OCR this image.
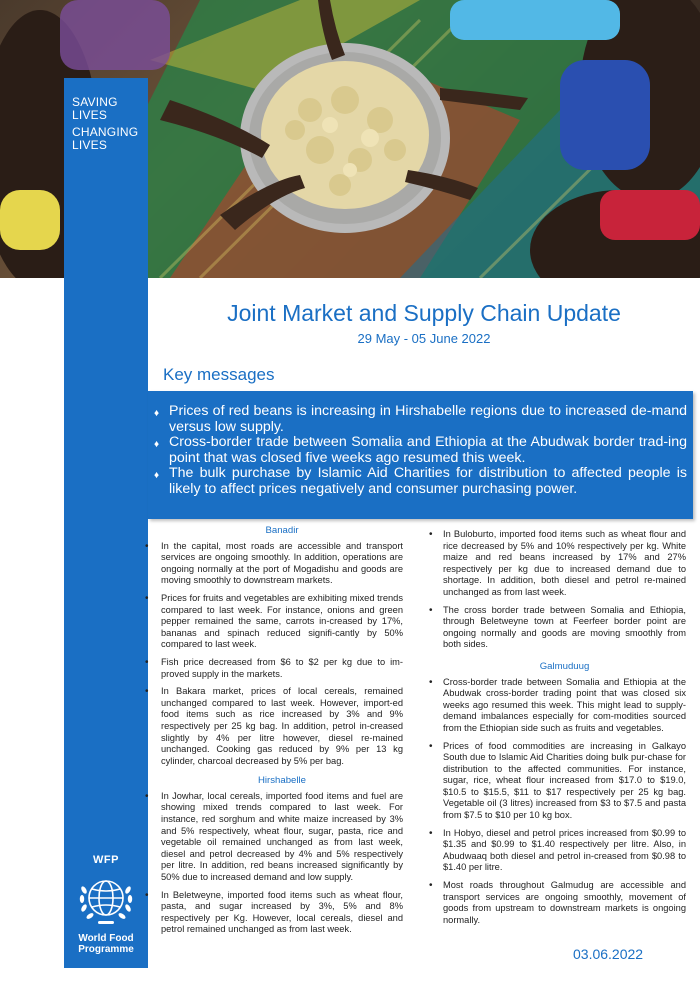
SAVING
LIVES
CHANGING
LIVES
WFP
World Food
Programme
Joint Market and Supply Chain Update
29 May - 05 June 2022
Key messages
♦ Prices of red beans is increasing in Hirshabelle regions due to increased de-mand versus low supply.
♦ Cross-border trade between Somalia and Ethiopia at the Abudwak border trad-ing point that was closed five weeks ago resumed this week.
♦ The bulk purchase by Islamic Aid Charities for distribution to affected people is likely to affect prices negatively and consumer purchasing power.
Banadir
• In the capital, most roads are accessible and transport services are ongoing smoothly. In addition, operations are ongoing normally at the port of Mogadishu and goods are moving smoothly to downstream markets.
• Prices for fruits and vegetables are exhibiting mixed trends compared to last week. For instance, onions and green pepper remained the same, carrots in-creased by 17%, bananas and spinach reduced signifi-cantly by 50% compared to last week.
• Fish price decreased from $6 to $2 per kg due to im-proved supply in the markets.
• In Bakara market, prices of local cereals, remained unchanged compared to last week. However, import-ed food items such as rice increased by 3% and 9% respectively per 25 kg bag. In addition, petrol in-creased slightly by 4% per litre however, diesel re-mained unchanged. Cooking gas reduced by 9% per 13 kg cylinder, charcoal decreased by 5% per bag.
Hirshabelle
• In Jowhar, local cereals, imported food items and fuel are showing mixed trends compared to last week. For instance, red sorghum and white maize increased by 3% and 5% respectively, wheat flour, sugar, pasta, rice and vegetable oil remained unchanged as from last week, diesel and petrol decreased by 4% and 5% respectively per litre. In addition, red beans increased significantly by 50% due to increased demand and low supply.
• In Beletweyne, imported food items such as wheat flour, pasta, and sugar increased by 3%, 5% and 8% respectively per Kg. However, local cereals, diesel and petrol remained unchanged as from last week.
• In Buloburto, imported food items such as wheat flour and rice decreased by 5% and 10% respectively per kg. White maize and red beans increased by 17% and 27% respectively per kg due to increased demand due to shortage. In addition, both diesel and petrol re-mained unchanged as from last week.
• The cross border trade between Somalia and Ethiopia, through Beletweyne town at Feerfeer border point are ongoing normally and goods are moving smoothly from both sides.
Galmuduug
• Cross-border trade between Somalia and Ethiopia at the Abudwak cross-border trading point that was closed six weeks ago resumed this week. This might lead to supply-demand imbalances especially for com-modities sourced from the Ethiopian side such as fruits and vegetables.
• Prices of food commodities are increasing in Galkayo South due to Islamic Aid Charities doing bulk pur-chase for distribution to the affected communities. For instance, sugar, rice, wheat flour increased from $17.0 to $19.0, $10.5 to $15.5, $11 to $17 respectively per 25 kg bag. Vegetable oil (3 litres) increased from $3 to $7.5 and pasta from $7.5 to $10 per 10 kg box.
• In Hobyo, diesel and petrol prices increased from $0.99 to $1.35 and $0.99 to $1.40 respectively per litre. Also, in Abudwaaq both diesel and petrol in-creased from $0.98 to $1.40 per litre.
• Most roads throughout Galmudug are accessible and transport services are ongoing smoothly, movement of goods from upstream to downstream markets is ongoing normally.
03.06.2022
